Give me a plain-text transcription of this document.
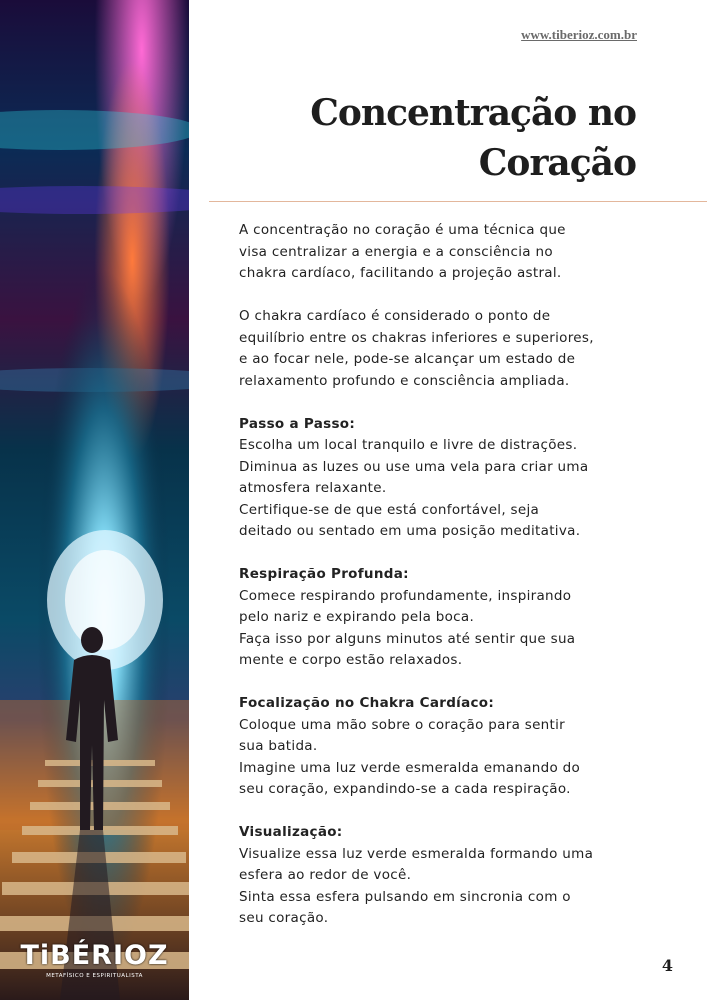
TiBÉRIOZ
METAFÍSICO E ESPIRITUALISTA
www.tiberioz.com.br
Concentração no
Coração

A concentração no coração é uma técnica que

visa centralizar a energia e a consciência no

chakra cardíaco, facilitando a projeção astral.

O chakra cardíaco é considerado o ponto de

equilíbrio entre os chakras inferiores e superiores,

e ao focar nele, pode-se alcançar um estado de

relaxamento profundo e consciência ampliada.

Passo a Passo:

Escolha um local tranquilo e livre de distrações.

Diminua as luzes ou use uma vela para criar uma

atmosfera relaxante.

Certifique-se de que está confortável, seja

deitado ou sentado em uma posição meditativa.

Respiração Profunda:

Comece respirando profundamente, inspirando

pelo nariz e expirando pela boca.

Faça isso por alguns minutos até sentir que sua

mente e corpo estão relaxados.

Focalização no Chakra Cardíaco:

Coloque uma mão sobre o coração para sentir

sua batida.

Imagine uma luz verde esmeralda emanando do

seu coração, expandindo-se a cada respiração.

Visualização:

Visualize essa luz verde esmeralda formando uma

esfera ao redor de você.

Sinta essa esfera pulsando em sincronia com o

seu coração.

4
